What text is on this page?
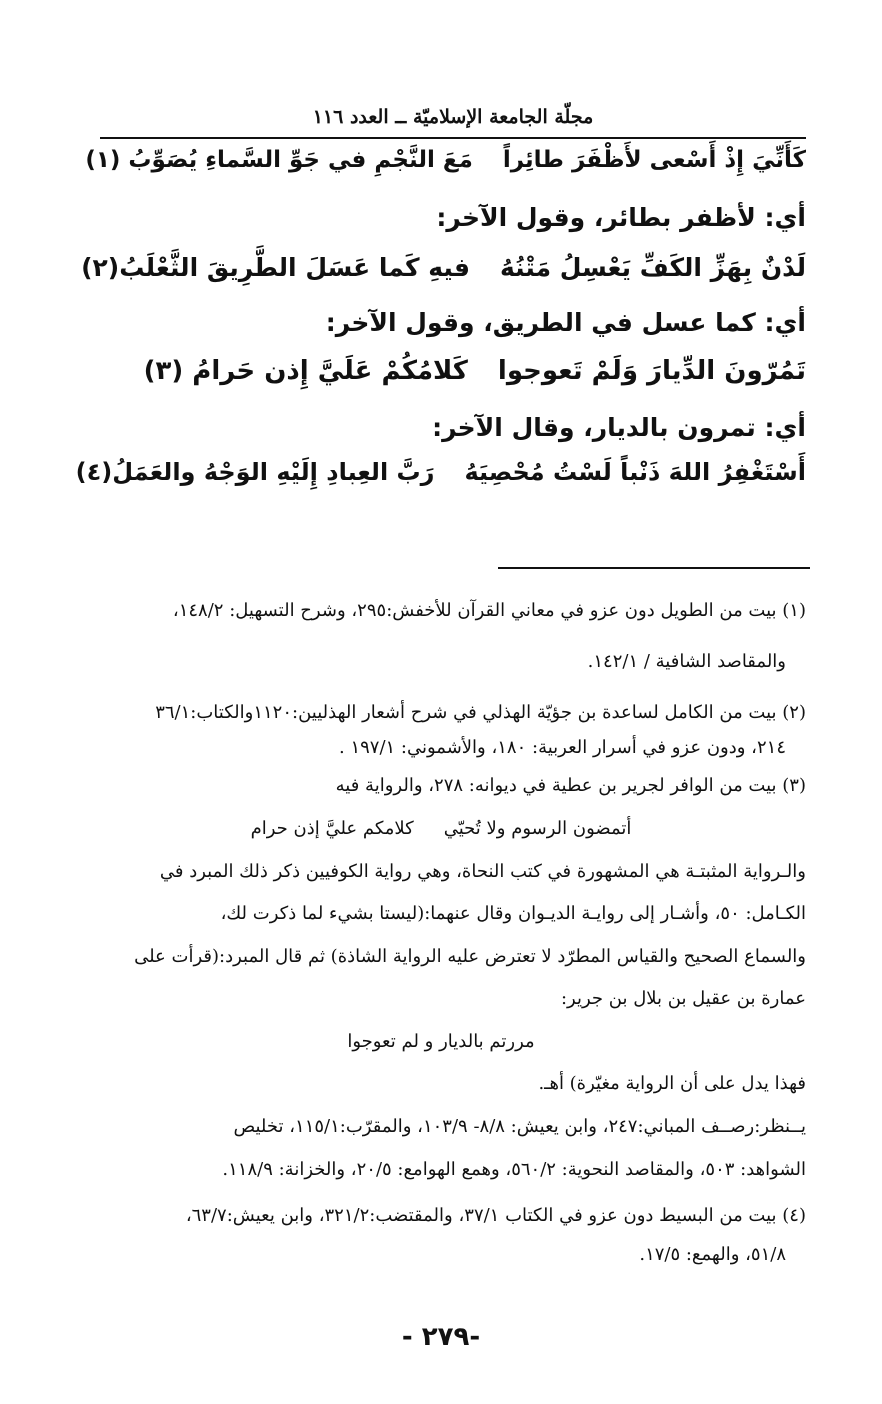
مجلّة الجامعة الإسلاميّة ــ العدد ١١٦
كَأَنِّيَ إِذْ أَسْعى لأَظْفَرَ طائِراًمَعَ النَّجْمِ في جَوِّ السَّماءِ يُصَوِّبُ (١)
أي: لأظفر بطائر، وقول الآخر:
لَدْنٌ بِهَزِّ الكَفِّ يَعْسِلُ مَتْنُهُفيهِ كَما عَسَلَ الطَّرِيقَ الثَّعْلَبُ(٢)
أي: كما عسل في الطريق، وقول الآخر:
تَمُرّونَ الدِّيارَ وَلَمْ تَعوجواكَلامُكُمْ عَلَيَّ إِذن حَرامُ (٣)
أي: تمرون بالديار، وقال الآخر:
أَسْتَغْفِرُ اللهَ ذَنْباً لَسْتُ مُحْصِيَهُرَبَّ العِبادِ إِلَيْهِ الوَجْهُ والعَمَلُ(٤)
(١) بيت من الطويل دون عزو في معاني القرآن للأخفش:٢٩٥، وشرح التسهيل: ١٤٨/٢،
والمقاصد الشافية / ١٤٢/١.
(٢) بيت من الكامل لساعدة بن جؤيّة الهذلي في شرح أشعار الهذليين:١١٢٠والكتاب:٣٦/١
٢١٤، ودون عزو في أسرار العربية: ١٨٠، والأشموني: ١٩٧/١ .
(٣) بيت من الوافر لجرير بن عطية في ديوانه: ٢٧٨، والرواية فيه
أتمضون الرسوم ولا تُحيّيكلامكم عليَّ إذن حرام
والـرواية المثبتـة هي المشهورة في كتب النحاة، وهي رواية الكوفيين ذكر ذلك المبرد في
الكـامل: ٥٠، وأشـار إلى روايـة الديـوان وقال عنهما:(ليستا بشيء لما ذكرت لك،
والسماع الصحيح والقياس المطرّد لا تعترض عليه الرواية الشاذة) ثم قال المبرد:(قرأت على
عمارة بن عقيل بن بلال بن جرير:
مررتم بالديار و لم تعوجوا
فهذا يدل على أن الرواية مغيّرة) أهـ.
يــنظر:رصــف المباني:٢٤٧، وابن يعيش: ٨/٨- ١٠٣/٩، والمقرّب:١١٥/١، تخليص
الشواهد: ٥٠٣، والمقاصد النحوية: ٥٦٠/٢، وهمع الهوامع: ٢٠/٥، والخزانة: ١١٨/٩.
(٤) بيت من البسيط دون عزو في الكتاب ٣٧/١، والمقتضب:٣٢١/٢، وابن يعيش:٦٣/٧،
٥١/٨، والهمع: ١٧/٥.
-٢٧٩ -
